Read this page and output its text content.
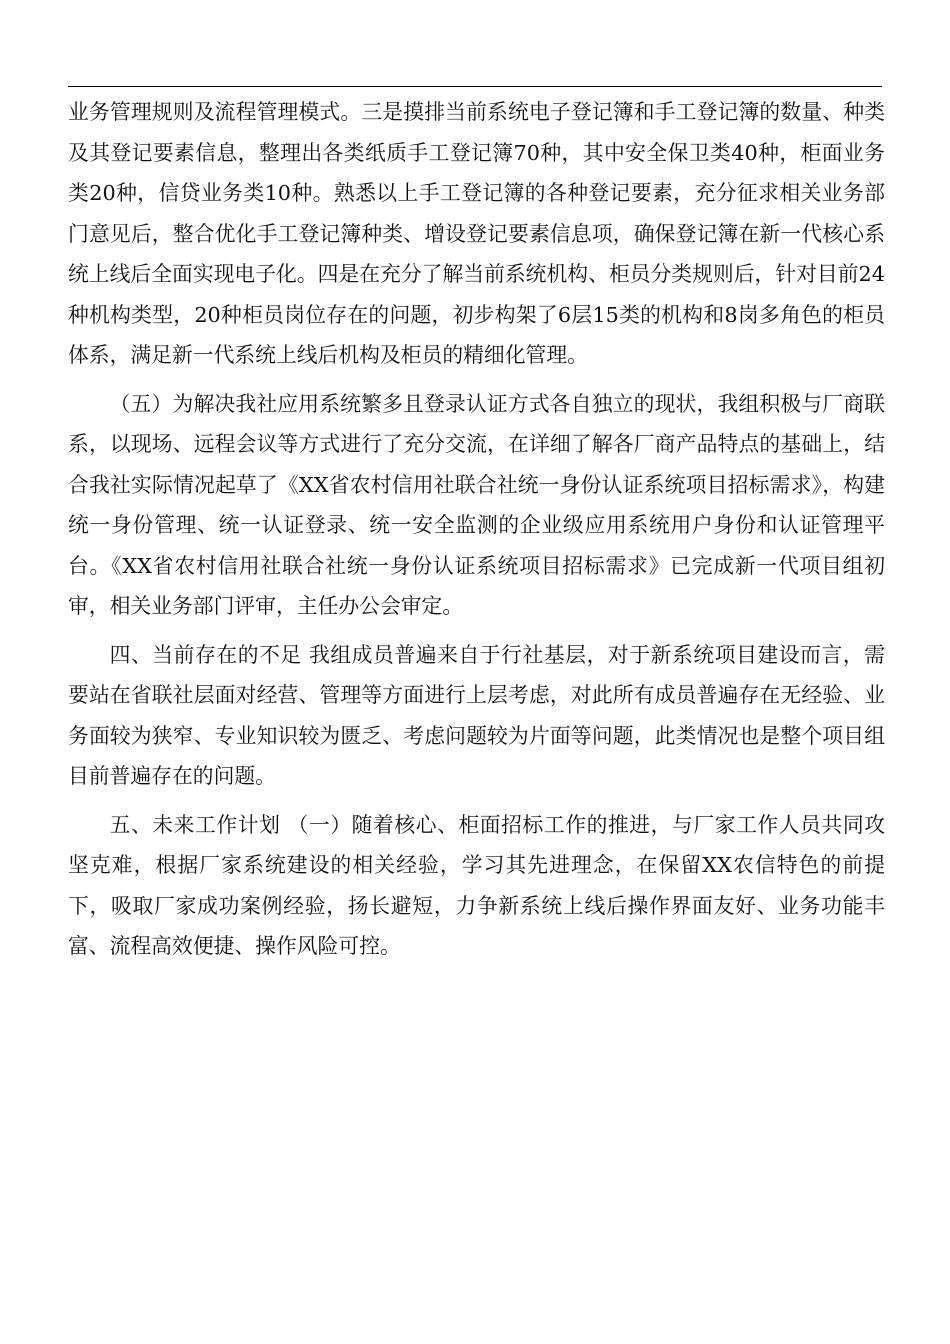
业务管理规则及流程管理模式。三是摸排当前系统电子登记簿和手工登记簿的数量、种类及其登记要素信息，整理出各类纸质手工登记簿70种，其中安全保卫类40种，柜面业务类20种，信贷业务类10种。熟悉以上手工登记簿的各种登记要素，充分征求相关业务部门意见后，整合优化手工登记簿种类、增设登记要素信息项，确保登记簿在新一代核心系统上线后全面实现电子化。四是在充分了解当前系统机构、柜员分类规则后，针对目前24种机构类型，20种柜员岗位存在的问题，初步构架了6层15类的机构和8岗多角色的柜员体系，满足新一代系统上线后机构及柜员的精细化管理。

（五）为解决我社应用系统繁多且登录认证方式各自独立的现状，我组积极与厂商联系，以现场、远程会议等方式进行了充分交流，在详细了解各厂商产品特点的基础上，结合我社实际情况起草了《XX省农村信用社联合社统一身份认证系统项目招标需求》，构建统一身份管理、统一认证登录、统一安全监测的企业级应用系统用户身份和认证管理平台。《XX省农村信用社联合社统一身份认证系统项目招标需求》已完成新一代项目组初审，相关业务部门评审，主任办公会审定。

四、当前存在的不足 我组成员普遍来自于行社基层，对于新系统项目建设而言，需要站在省联社层面对经营、管理等方面进行上层考虑，对此所有成员普遍存在无经验、业务面较为狭窄、专业知识较为匮乏、考虑问题较为片面等问题，此类情况也是整个项目组目前普遍存在的问题。

五、未来工作计划 （一）随着核心、柜面招标工作的推进，与厂家工作人员共同攻坚克难，根据厂家系统建设的相关经验，学习其先进理念，在保留XX农信特色的前提下，吸取厂家成功案例经验，扬长避短，力争新系统上线后操作界面友好、业务功能丰富、流程高效便捷、操作风险可控。
